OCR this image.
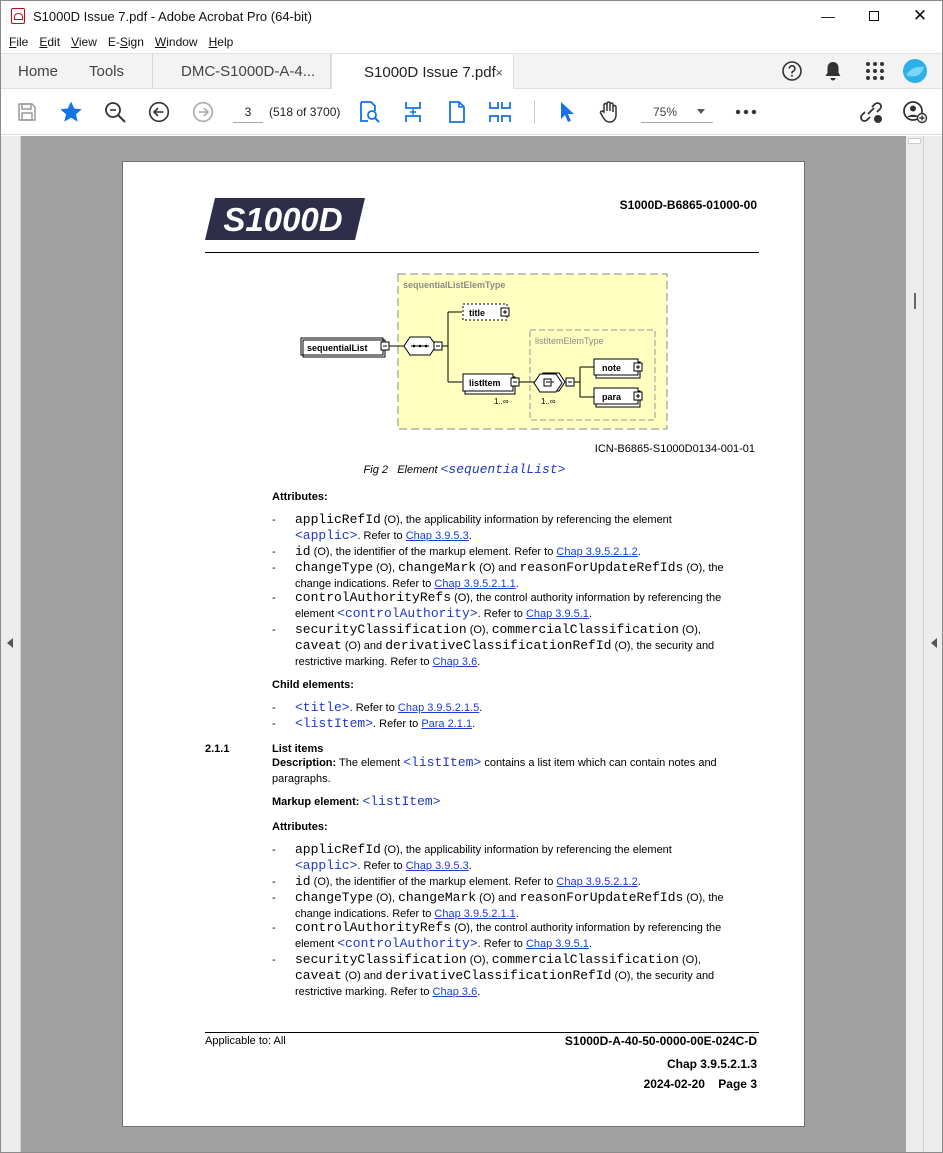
S1000D Issue 7.pdf - Adobe Acrobat Pro (64-bit)	—	✕
File Edit View E-Sign Window Help
Home Tools	DMC-S1000D-A-4...	S1000D Issue 7.pdf ×
3	(518 of 3700)	75%
S1000D	S1000D-B6865-01000-00
sequentialListElemType
listItemElemType
sequentialList
title
listItem
1..∞	1..∞
note
para
ICN-B6865-S1000D0134-001-01
Fig 2 Element <sequentialList>
Attributes:
- applicRefId (O), the applicability information by referencing the element
<applic>. Refer to Chap 3.9.5.3.
- id (O), the identifier of the markup element. Refer to Chap 3.9.5.2.1.2.
- changeType (O), changeMark (O) and reasonForUpdateRefIds (O), the
change indications. Refer to Chap 3.9.5.2.1.1.
- controlAuthorityRefs (O), the control authority information by referencing the
element <controlAuthority>. Refer to Chap 3.9.5.1.
- securityClassification (O), commercialClassification (O),
caveat (O) and derivativeClassificationRefId (O), the security and
restrictive marking. Refer to Chap 3.6.
Child elements:
- <title>. Refer to Chap 3.9.5.2.1.5.
- <listItem>. Refer to Para 2.1.1.
2.1.1	List items
Description: The element <listItem> contains a list item which can contain notes and
paragraphs.
Markup element: <listItem>
Attributes:
- applicRefId (O), the applicability information by referencing the element
<applic>. Refer to Chap 3.9.5.3.
- id (O), the identifier of the markup element. Refer to Chap 3.9.5.2.1.2.
- changeType (O), changeMark (O) and reasonForUpdateRefIds (O), the
change indications. Refer to Chap 3.9.5.2.1.1.
- controlAuthorityRefs (O), the control authority information by referencing the
element <controlAuthority>. Refer to Chap 3.9.5.1.
- securityClassification (O), commercialClassification (O),
caveat (O) and derivativeClassificationRefId (O), the security and
restrictive marking. Refer to Chap 3.6.
Applicable to: All	S1000D-A-40-50-0000-00E-024C-D
Chap 3.9.5.2.1.3
2024-02-20 Page 3
